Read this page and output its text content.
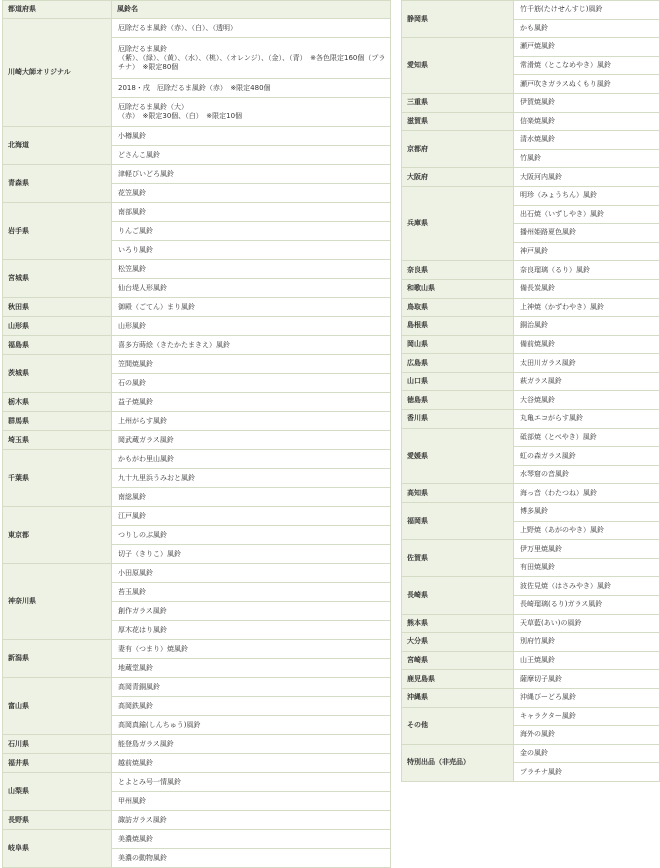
都道府県	風鈴名
川崎大師オリジナル	厄除だるま風鈴（赤）、（白）、（透明）
	厄除だるま風鈴
（紫）、（緑）、（黄）、（水）、（桃）、（オレンジ）、（金）、（青）　※各色限定160個（プラチナ）　※限定80個
	2018・戌　厄除だるま風鈴（赤）　※限定480個
	厄除だるま風鈴（大）
（赤）　※限定30個、（白）　※限定10個
北海道	小樽風鈴
	どさんこ風鈴
青森県	津軽びいどろ風鈴
	花笠風鈴
岩手県	南部風鈴
	りんご風鈴
	いろり風鈴
宮城県	松笠風鈴
	仙台堤人形風鈴
秋田県	御殿（ごてん）まり風鈴
山形県	山形風鈴
福島県	喜多方蒔絵（きたかたまきえ）風鈴
茨城県	笠間焼風鈴
	石の風鈴
栃木県	益子焼風鈴
群馬県	上州がらす風鈴
埼玉県	岡武蔵ガラス風鈴
千葉県	かもがわ里山風鈴
	九十九里浜うみおと風鈴
	南総風鈴
東京都	江戸風鈴
	つりしのぶ風鈴
	切子（きりこ）風鈴
神奈川県	小田原風鈴
	苔玉風鈴
	創作ガラス風鈴
	厚木花はり風鈴
新潟県	妻有（つまり）焼風鈴
	地蔵堂風鈴
富山県	高岡青銅風鈴
	高岡鉄風鈴
	高岡真鍮(しんちゅう)風鈴
石川県	能登島ガラス風鈴
福井県	越前焼風鈴
山梨県	とよとみ号一情風鈴
	甲州風鈴
長野県	諏訪ガラス風鈴
岐阜県	美濃焼風鈴
	美濃の動物風鈴
静岡県	竹千筋(たけせんすじ)風鈴
	かも風鈴
愛知県	瀬戸焼風鈴
	常滑焼（とこなめやき）風鈴
	瀬戸吹きガラスぬくもり風鈴
三重県	伊賀焼風鈴
滋賀県	信楽焼風鈴
京都府	清水焼風鈴
	竹風鈴
大阪府	大阪河内風鈴
兵庫県	明珍（みょうちん）風鈴
	出石焼（いずしやき）風鈴
	播州姫路夏色風鈴
	神戸風鈴
奈良県	奈良瑠璃（るり）風鈴
和歌山県	備長炭風鈴
鳥取県	上神焼（かずわやき）風鈴
島根県	銅治風鈴
岡山県	備前焼風鈴
広島県	太田川ガラス風鈴
山口県	萩ガラス風鈴
徳島県	大谷焼風鈴
香川県	丸亀エコがらす風鈴
愛媛県	砥部焼（とべやき）風鈴
	虹の森ガラス風鈴
	水琴窟の音風鈴
高知県	海っ音（わたつね）風鈴
福岡県	博多風鈴
	上野焼（あがのやき）風鈴
佐賀県	伊万里焼風鈴
	有田焼風鈴
長崎県	波佐見焼（はさみやき）風鈴
	長崎瑠璃(るり)ガラス風鈴
熊本県	天草藍(あい)の風鈴
大分県	別府竹風鈴
宮崎県	山王焼風鈴
鹿児島県	薩摩切子風鈴
沖縄県	沖縄びーどろ風鈴
その他	キャラクター風鈴
	海外の風鈴
特別出品（非売品）	金の風鈴
	プラチナ風鈴
